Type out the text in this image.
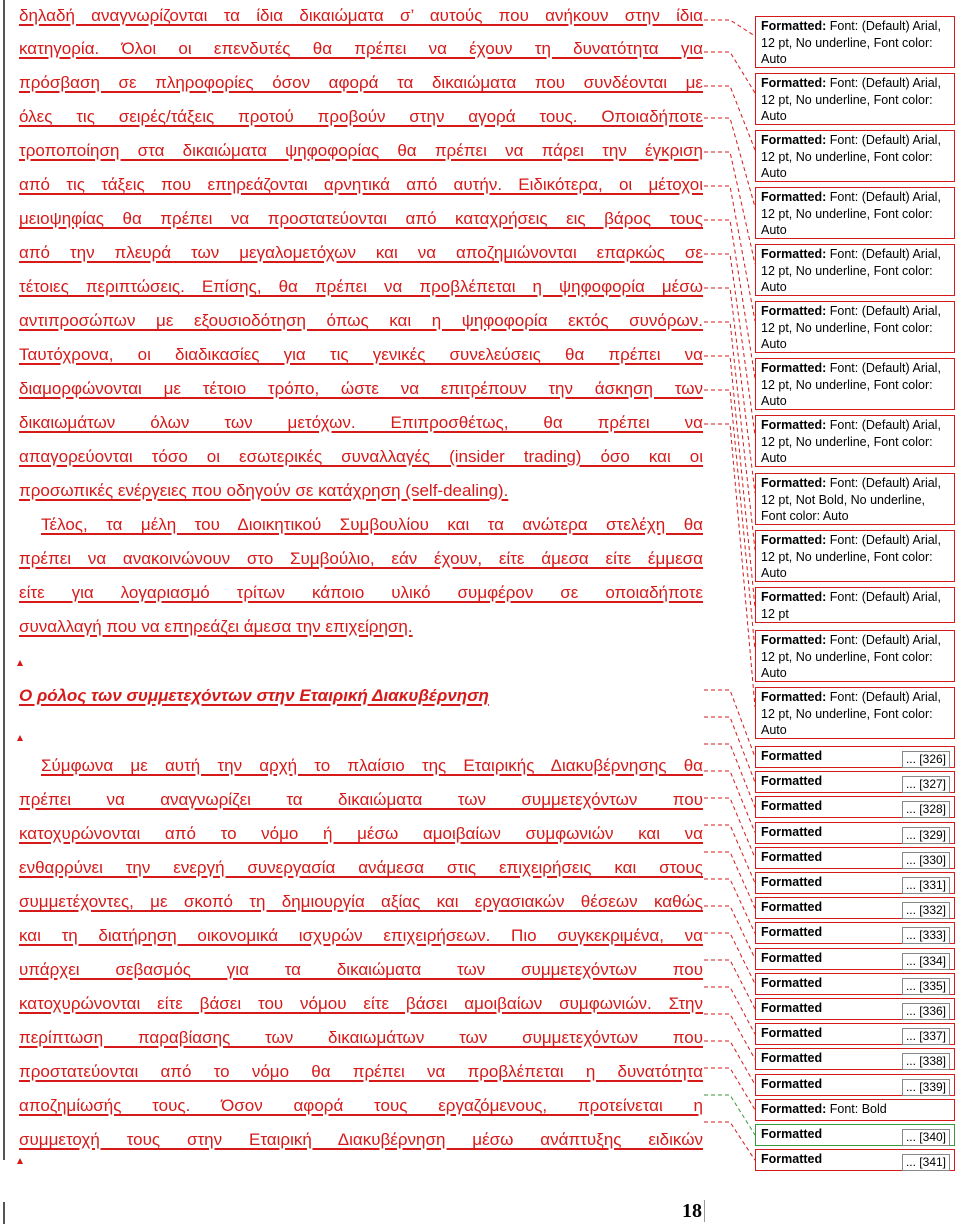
δηλαδή αναγνωρίζονται τα ίδια δικαιώματα σ’ αυτούς που ανήκουν στην ίδια
κατηγορία. Όλοι οι επενδυτές θα πρέπει να έχουν τη δυνατότητα για
πρόσβαση σε πληροφορίες όσον αφορά τα δικαιώματα που συνδέονται με
όλες τις σειρές/τάξεις προτού προβούν στην αγορά τους. Οποιαδήποτε
τροποποίηση στα δικαιώματα ψηφοφορίας θα πρέπει να πάρει την έγκριση
από τις τάξεις που επηρεάζονται αρνητικά από αυτήν. Ειδικότερα, οι μέτοχοι
μειοψηφίας θα πρέπει να προστατεύονται από καταχρήσεις εις βάρος τους
από την πλευρά των μεγαλομετόχων και να αποζημιώνονται επαρκώς σε
τέτοιες περιπτώσεις. Επίσης, θα πρέπει να προβλέπεται η ψηφοφορία μέσω
αντιπροσώπων με εξουσιοδότηση όπως και η ψηφοφορία εκτός συνόρων.
Ταυτόχρονα, οι διαδικασίες για τις γενικές συνελεύσεις θα πρέπει να
διαμορφώνονται με τέτοιο τρόπο, ώστε να επιτρέπουν την άσκηση των
δικαιωμάτων όλων των μετόχων. Επιπροσθέτως, θα πρέπει να
απαγορεύονται τόσο οι εσωτερικές συναλλαγές (insider trading) όσο και οι
προσωπικές ενέργειες που οδηγούν σε κατάχρηση (self-dealing).
Τέλος, τα μέλη του Διοικητικού Συμβουλίου και τα ανώτερα στελέχη θα
πρέπει να ανακοινώνουν στο Συμβούλιο, εάν έχουν, είτε άμεσα είτε έμμεσα
είτε για λογαριασμό τρίτων κάποιο υλικό συμφέρον σε οποιαδήποτε
συναλλαγή που να επηρεάζει άμεσα την επιχείρηση.
Ο ρόλος των συμμετεχόντων στην Εταιρική Διακυβέρνηση
Σύμφωνα με αυτή την αρχή το πλαίσιο της Εταιρικής Διακυβέρνησης θα
πρέπει να αναγνωρίζει τα δικαιώματα των συμμετεχόντων που
κατοχυρώνονται από το νόμο ή μέσω αμοιβαίων συμφωνιών και να
ενθαρρύνει την ενεργή συνεργασία ανάμεσα στις επιχειρήσεις και στους
συμμετέχοντες, με σκοπό τη δημιουργία αξίας και εργασιακών θέσεων καθώς
και τη διατήρηση οικονομικά ισχυρών επιχειρήσεων. Πιο συγκεκριμένα, να
υπάρχει σεβασμός για τα δικαιώματα των συμμετεχόντων που
κατοχυρώνονται είτε βάσει του νόμου είτε βάσει αμοιβαίων συμφωνιών. Στην
περίπτωση παραβίασης των δικαιωμάτων των συμμετεχόντων που
προστατεύονται από το νόμο θα πρέπει να προβλέπεται η δυνατότητα
αποζημίωσής τους. Όσον αφορά τους εργαζόμενους, προτείνεται η
συμμετοχή τους στην Εταιρική Διακυβέρνηση μέσω ανάπτυξης ειδικών
18
Formatted: Font: (Default) Arial, 12 pt, No underline, Font color: Auto
Formatted: Font: (Default) Arial, 12 pt, No underline, Font color: Auto
Formatted: Font: (Default) Arial, 12 pt, No underline, Font color: Auto
Formatted: Font: (Default) Arial, 12 pt, No underline, Font color: Auto
Formatted: Font: (Default) Arial, 12 pt, No underline, Font color: Auto
Formatted: Font: (Default) Arial, 12 pt, No underline, Font color: Auto
Formatted: Font: (Default) Arial, 12 pt, No underline, Font color: Auto
Formatted: Font: (Default) Arial, 12 pt, No underline, Font color: Auto
Formatted: Font: (Default) Arial, 12 pt, Not Bold, No underline, Font color: Auto
Formatted: Font: (Default) Arial, 12 pt, No underline, Font color: Auto
Formatted: Font: (Default) Arial, 12 pt
Formatted: Font: (Default) Arial, 12 pt, No underline, Font color: Auto
Formatted: Font: (Default) Arial, 12 pt, No underline, Font color: Auto
Formatted	... [326]
Formatted	... [327]
Formatted	... [328]
Formatted	... [329]
Formatted	... [330]
Formatted	... [331]
Formatted	... [332]
Formatted	... [333]
Formatted	... [334]
Formatted	... [335]
Formatted	... [336]
Formatted	... [337]
Formatted	... [338]
Formatted	... [339]
Formatted: Font: Bold
Formatted	... [340]
Formatted	... [341]
